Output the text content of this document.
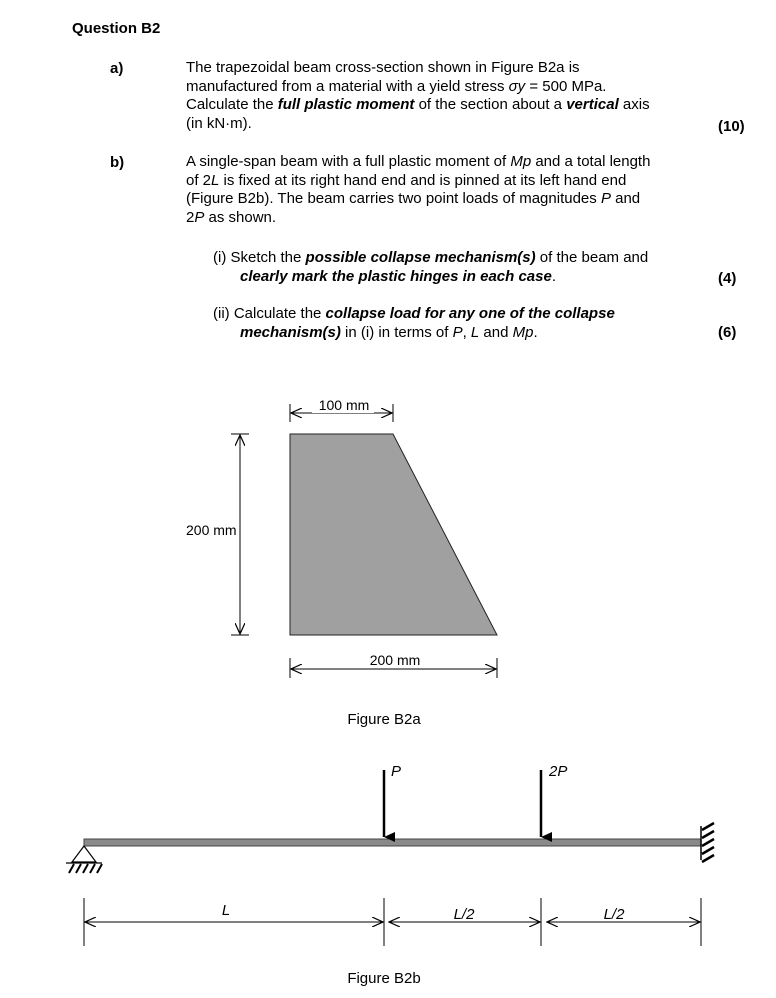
Question B2
a)	The trapezoidal beam cross-section shown in Figure B2a is
manufactured from a material with a yield stress σy = 500 MPa.
Calculate the full plastic moment of the section about a vertical axis
(in kN·m).	(10)
b)	A single-span beam with a full plastic moment of Mp and a total length
of 2L is fixed at its right hand end and is pinned at its left hand end
(Figure B2b). The beam carries two point loads of magnitudes P and
2P as shown.
(i) Sketch the possible collapse mechanism(s) of the beam and
clearly mark the plastic hinges in each case.	(4)
(ii) Calculate the collapse load for any one of the collapse
mechanism(s) in (i) in terms of P, L and Mp.	(6)
100 mm
200 mm
200 mm
Figure B2a
P	2P
L	L/2	L/2
Figure B2b
